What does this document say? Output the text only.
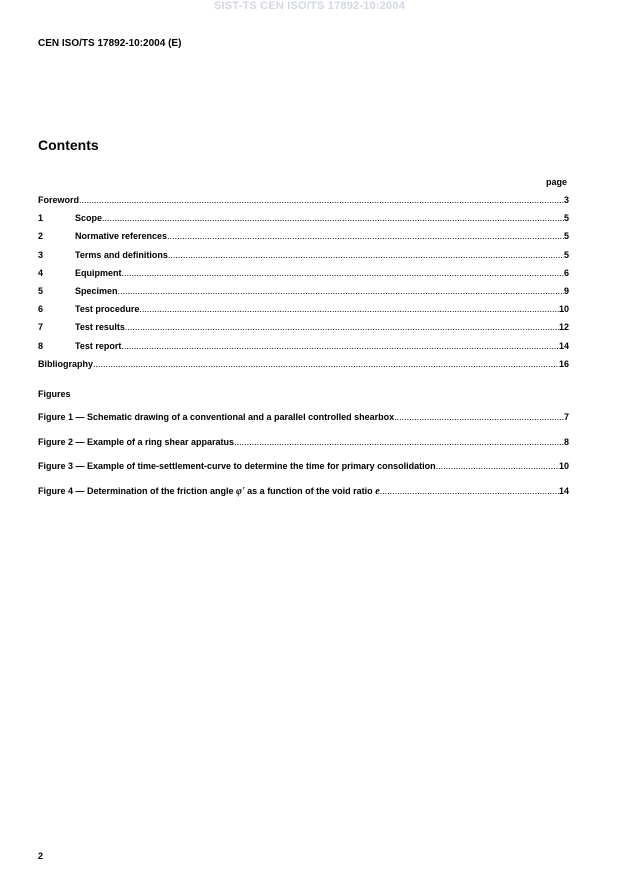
SIST-TS CEN ISO/TS 17892-10:2004
CEN ISO/TS 17892-10:2004 (E)
Contents
page
Foreword .....	3
1	Scope .....	5
2	Normative references .....	5
3	Terms and definitions .....	5
4	Equipment .....	6
5	Specimen .....	9
6	Test procedure .....	10
7	Test results .....	12
8	Test report .....	14
Bibliography .....	16
Figures
Figure 1 — Schematic drawing of a conventional and a parallel controlled shearbox .....	7
Figure 2 — Example of a ring shear apparatus .....	8
Figure 3 — Example of time-settlement-curve to determine the time for primary consolidation .....	10
Figure 4 — Determination of the friction angle φ' as a function of the void ratio e .....	14
2
